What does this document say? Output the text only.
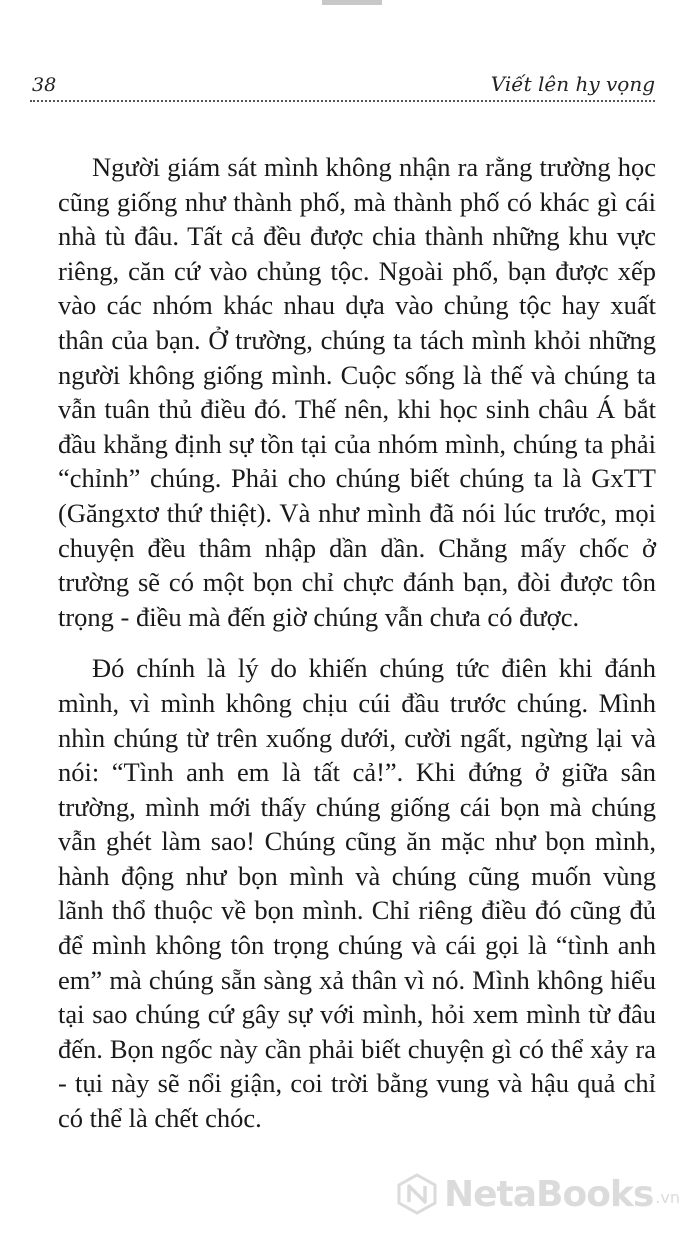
38	Viết lên hy vọng

Người giám sát mình không nhận ra rằng trường học cũng giống như thành phố, mà thành phố có khác gì cái nhà tù đâu. Tất cả đều được chia thành những khu vực riêng, căn cứ vào chủng tộc. Ngoài phố, bạn được xếp vào các nhóm khác nhau dựa vào chủng tộc hay xuất thân của bạn. Ở trường, chúng ta tách mình khỏi những người không giống mình. Cuộc sống là thế và chúng ta vẫn tuân thủ điều đó. Thế nên, khi học sinh châu Á bắt đầu khẳng định sự tồn tại của nhóm mình, chúng ta phải “chỉnh” chúng. Phải cho chúng biết chúng ta là GxTT (Găngxtơ thứ thiệt). Và như mình đã nói lúc trước, mọi chuyện đều thâm nhập dần dần. Chẳng mấy chốc ở trường sẽ có một bọn chỉ chực đánh bạn, đòi được tôn trọng - điều mà đến giờ chúng vẫn chưa có được.

Đó chính là lý do khiến chúng tức điên khi đánh mình, vì mình không chịu cúi đầu trước chúng. Mình nhìn chúng từ trên xuống dưới, cười ngất, ngừng lại và nói: “Tình anh em là tất cả!”. Khi đứng ở giữa sân trường, mình mới thấy chúng giống cái bọn mà chúng vẫn ghét làm sao! Chúng cũng ăn mặc như bọn mình, hành động như bọn mình và chúng cũng muốn vùng lãnh thổ thuộc về bọn mình. Chỉ riêng điều đó cũng đủ để mình không tôn trọng chúng và cái gọi là “tình anh em” mà chúng sẵn sàng xả thân vì nó. Mình không hiểu tại sao chúng cứ gây sự với mình, hỏi xem mình từ đâu đến. Bọn ngốc này cần phải biết chuyện gì có thể xảy ra - tụi này sẽ nổi giận, coi trời bằng vung và hậu quả chỉ có thể là chết chóc.

NetaBooks .vn
